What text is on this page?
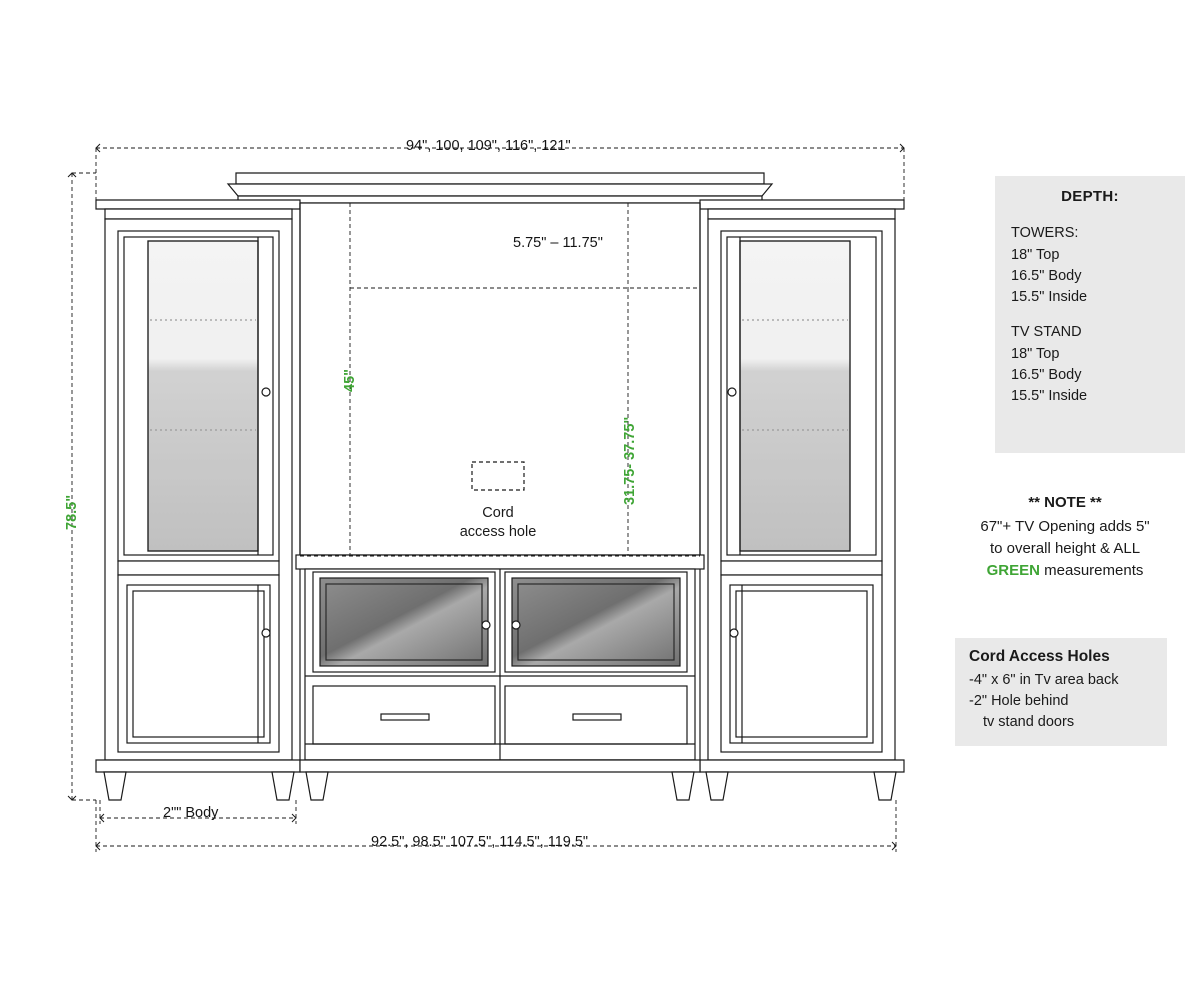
94", 100, 109", 116", 121"
92.5", 98.5" 107.5", 114.5", 119.5"
2"" Body
78.5"
45"
31.75- 37.75"
5.75" – 11.75"
Cord
access hole
DEPTH:
TOWERS:
18" Top
16.5" Body
15.5" Inside
TV STAND
18" Top
16.5" Body
15.5" Inside
** NOTE **
67"+ TV Opening adds 5"
to overall height & ALL
GREEN measurements
Cord Access Holes
-4" x 6" in Tv area back
-2" Hole behind
tv stand doors
